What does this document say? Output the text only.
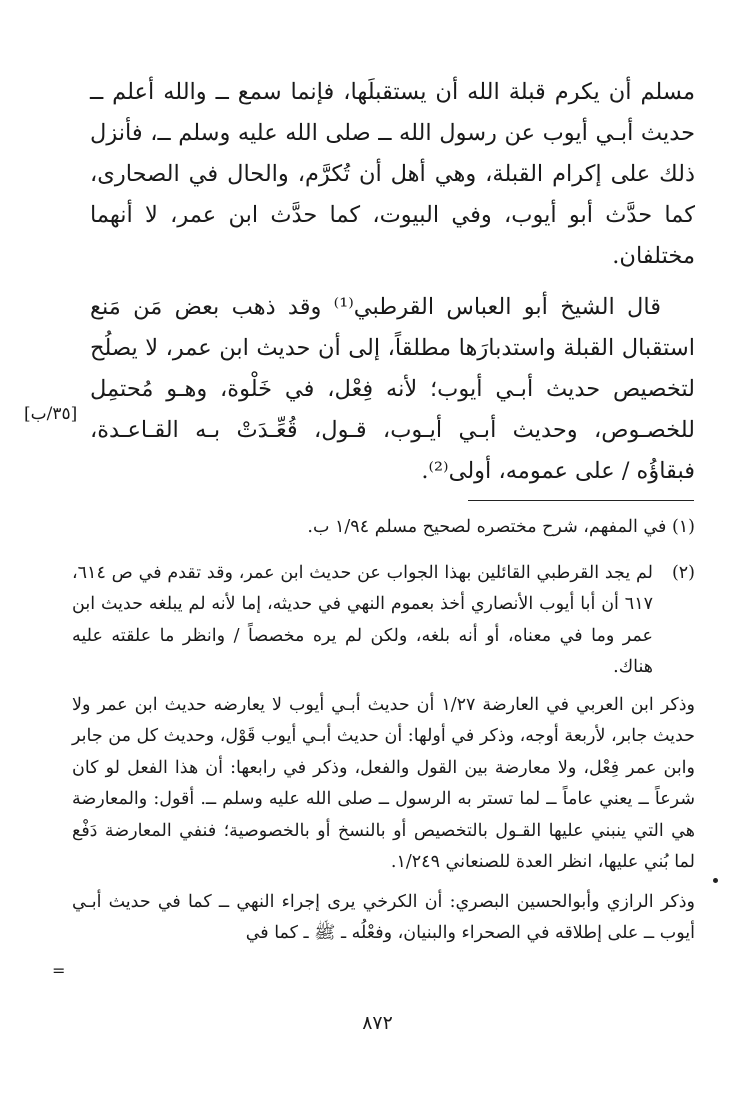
مسلم أن يكرم قبلة الله أن يستقبلَها، فإنما سمع ــ والله أعلم ــ حديث أبـي أيوب عن رسول الله ــ صلى الله عليه وسلم ــ، فأنزل ذلك على إكرام القبلة، وهي أهل أن تُكرَّم، والحال في الصحارى، كما حدَّث أبو أيوب، وفي البيوت، كما حدَّث ابن عمر، لا أنهما مختلفان.

قال الشيخ أبو العباس القرطبي⁽¹⁾ وقد ذهب بعض مَن مَنع استقبال القبلة واستدبارَها مطلقاً، إلى أن حديث ابن عمر، لا يصلُح لتخصيص حديث أبـي أيوب؛ لأنه فِعْل، في خَلْوة، وهـو مُحتمِل للخصـوص، وحديث أبـي أيـوب، قـول، قُعِّـدَتْ بـه القـاعـدة، فبقاؤُه / على عمومه، أولى⁽²⁾.

[٣٥/ب]

(١) في المفهم، شرح مختصره لصحيح مسلم ١/٩٤ ب.

(٢)لم يجد القرطبي القائلين بهذا الجواب عن حديث ابن عمر، وقد تقدم في ص ٦١٤، ٦١٧ أن أبا أيوب الأنصاري أخذ بعموم النهي في حديثه، إما لأنه لم يبلغه حديث ابن عمر وما في معناه، أو أنه بلغه، ولكن لم يره مخصصاً / وانظر ما علقته عليه هناك.

وذكر ابن العربي في العارضة ١/٢٧ أن حديث أبـي أيوب لا يعارضه حديث ابن عمر ولا حديث جابر، لأربعة أوجه، وذكر في أولها: أن حديث أبـي أيوب قَوْل، وحديث كل من جابر وابن عمر فِعْل، ولا معارضة بين القول والفعل، وذكر في رابعها: أن هذا الفعل لو كان شرعاً ــ يعني عاماً ــ لما تستر به الرسول ــ صلى الله عليه وسلم ــ. أقول: والمعارضة هي التي ينبني عليها القـول بالتخصيص أو بالنسخ أو بالخصوصية؛ فنفي المعارضة دَفْع لما بُني عليها، انظر العدة للصنعاني ١/٢٤٩.

وذكر الرازي وأبوالحسين البصري: أن الكرخي يرى إجراء النهي ــ كما في حديث أبـي أيوب ــ على إطلاقه في الصحراء والبنيان، وفعْلُه ـ ﷺ ـ كما في

=
٨٧٢
